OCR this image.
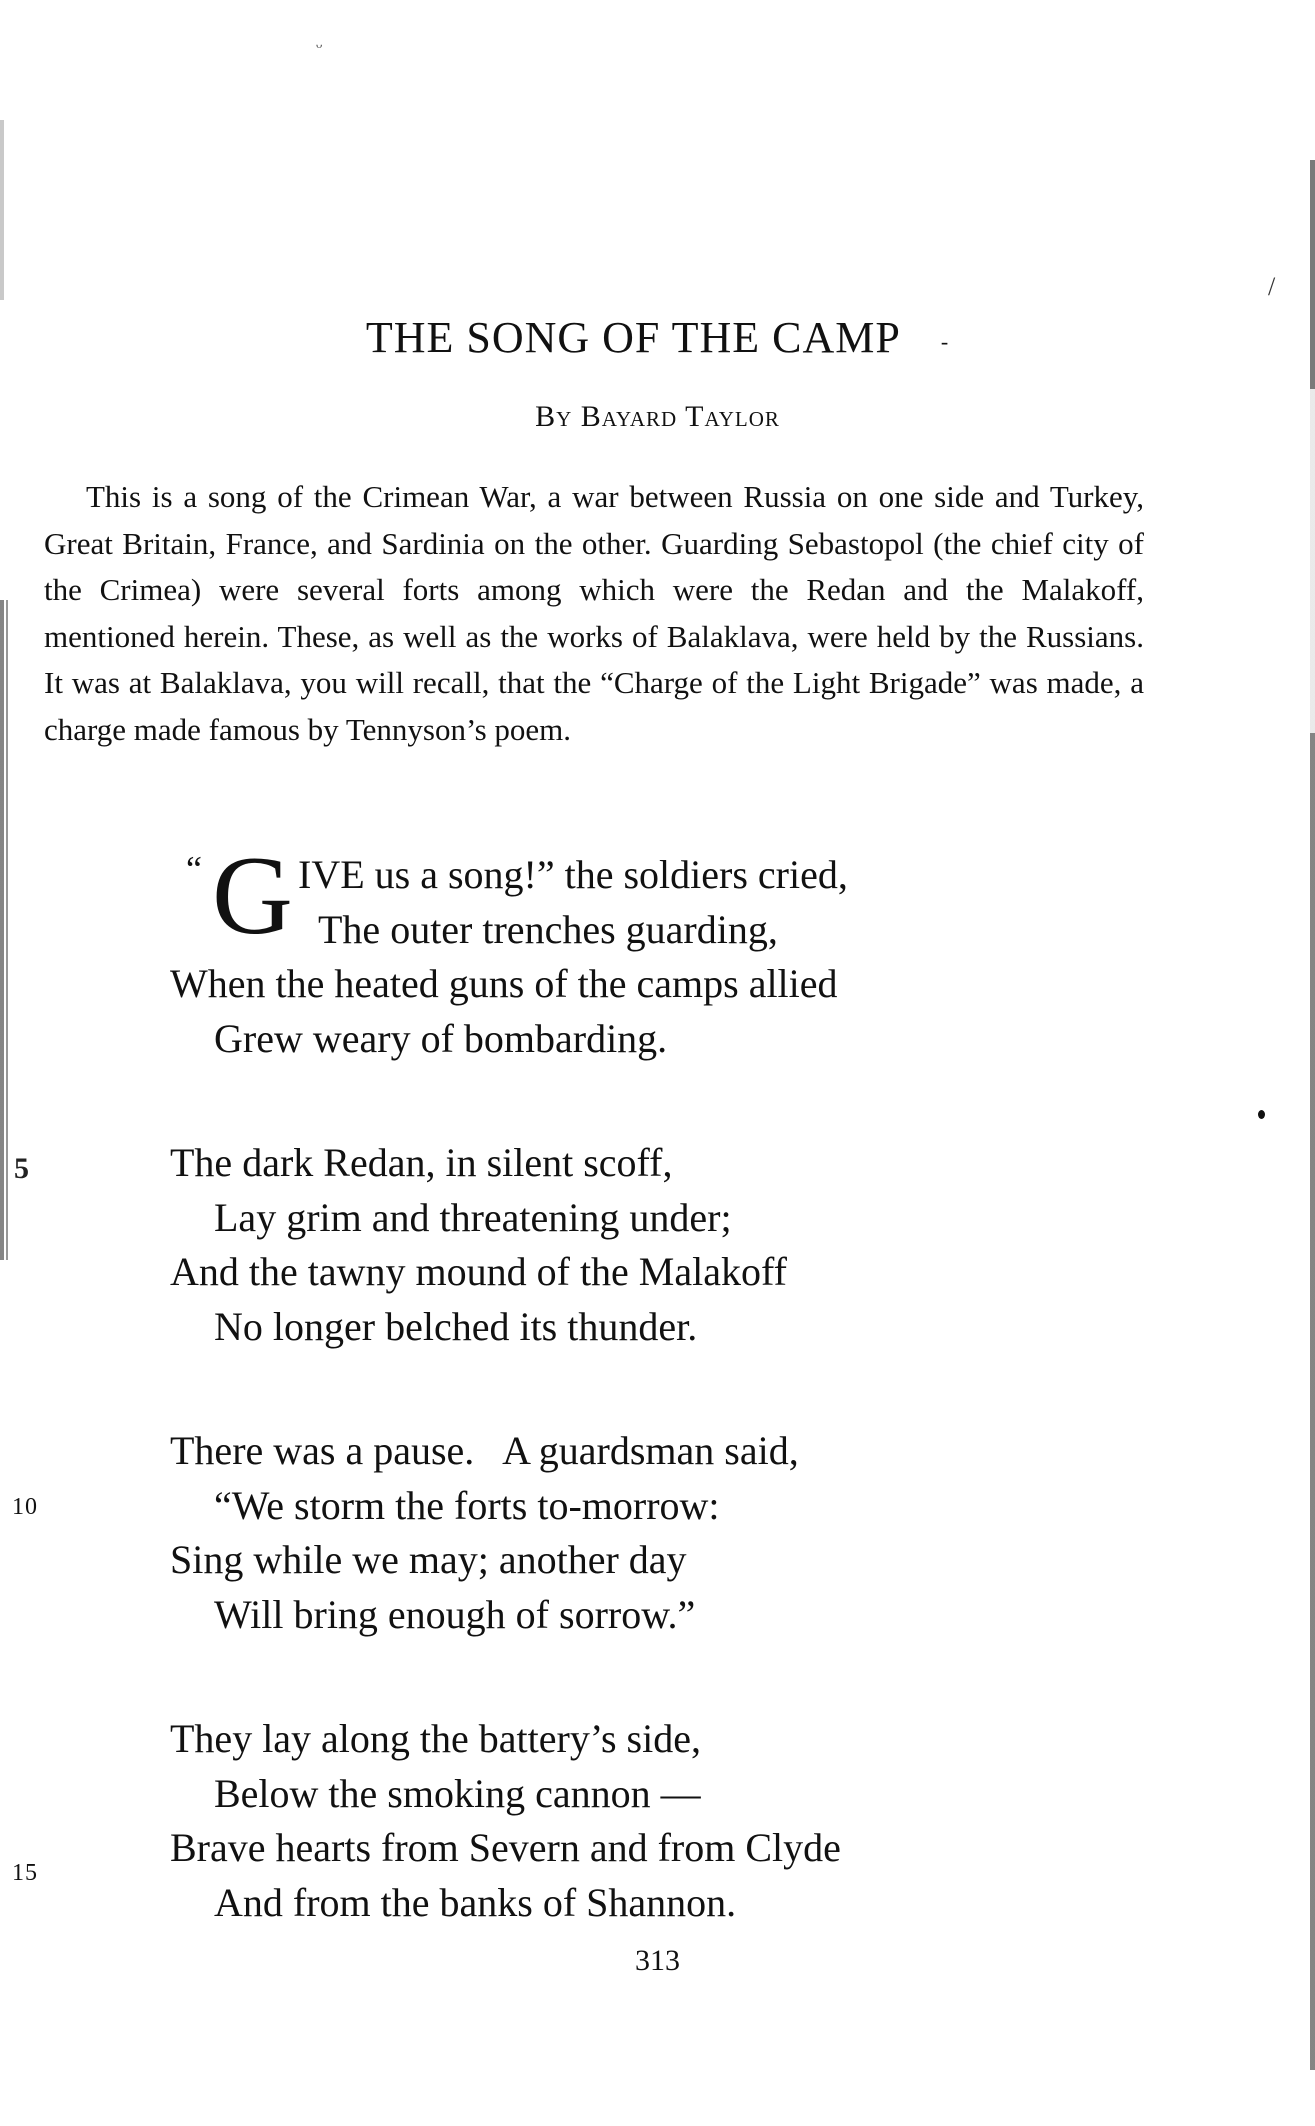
ᵕ
/
5
THE SONG OF THE CAMP -
By Bayard Taylor

This is a song of the Crimean War, a war between Russia on one side and Turkey, Great Britain, France, and Sardinia on the other. Guarding Sebastopol (the chief city of the Crimea) were several forts among which were the Redan and the Malakoff, mentioned herein. These, as well as the works of Balaklava, were held by the Russians. It was at Balaklava, you will recall, that the “Charge of the Light Brigade” was made, a charge made famous by Tennyson’s poem.

“ G IVE us a song!” the soldiers cried,
The outer trenches guarding,
When the heated guns of the camps allied
Grew weary of bombarding.
The dark Redan, in silent scoff,
Lay grim and threatening under;
And the tawny mound of the Malakoff
No longer belched its thunder.
There was a pause.   A guardsman said,
“We storm the forts to-morrow:
Sing while we may; another day
Will bring enough of sorrow.”
They lay along the battery’s side,
Below the smoking cannon —
Brave hearts from Severn and from Clyde
And from the banks of Shannon.
10
15
313
